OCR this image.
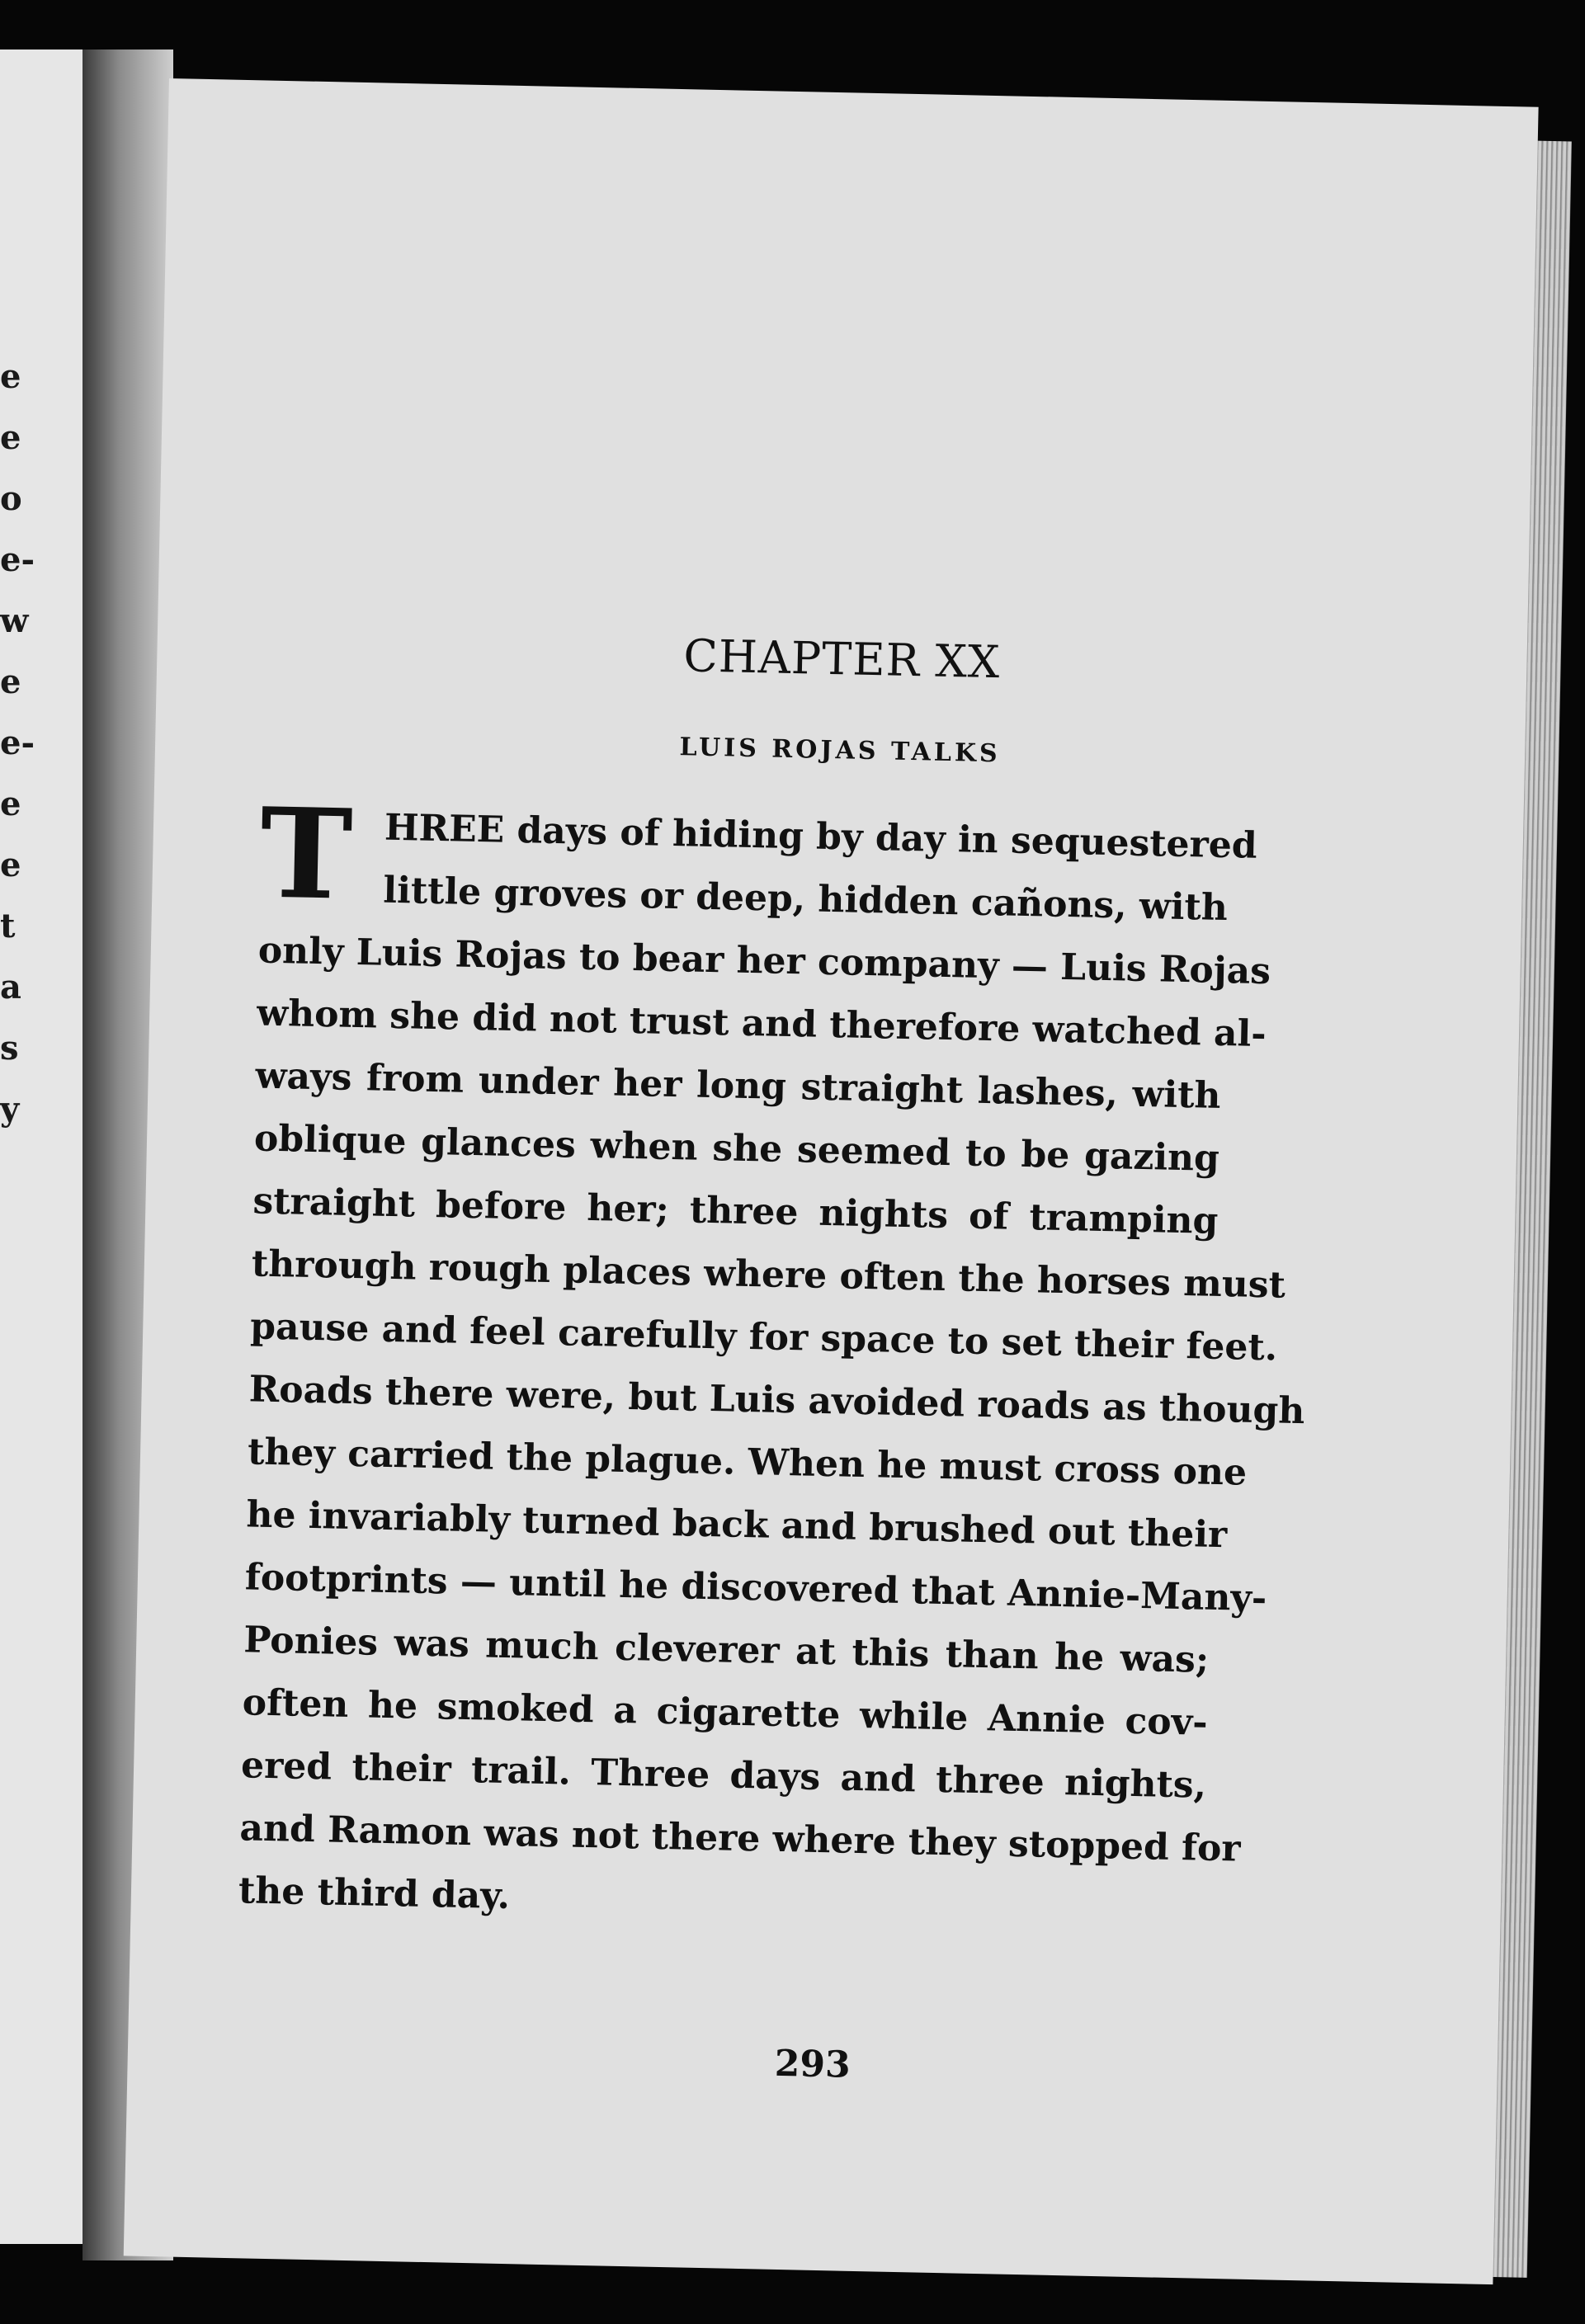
e
e
o
e-
w
e
e-
e
e
t
a
s
y
CHAPTER XX
LUIS ROJAS TALKS
T HREE days of hiding by day in sequestered
little groves or deep, hidden cañons, with
only Luis Rojas to bear her company — Luis Rojas
whom she did not trust and therefore watched al-
ways from under her long straight lashes, with
oblique glances when she seemed to be gazing
straight before her; three nights of tramping
through rough places where often the horses must
pause and feel carefully for space to set their feet.
Roads there were, but Luis avoided roads as though
they carried the plague. When he must cross one
he invariably turned back and brushed out their
footprints — until he discovered that Annie-Many-
Ponies was much cleverer at this than he was;
often he smoked a cigarette while Annie cov-
ered their trail. Three days and three nights,
and Ramon was not there where they stopped for
the third day.
293
